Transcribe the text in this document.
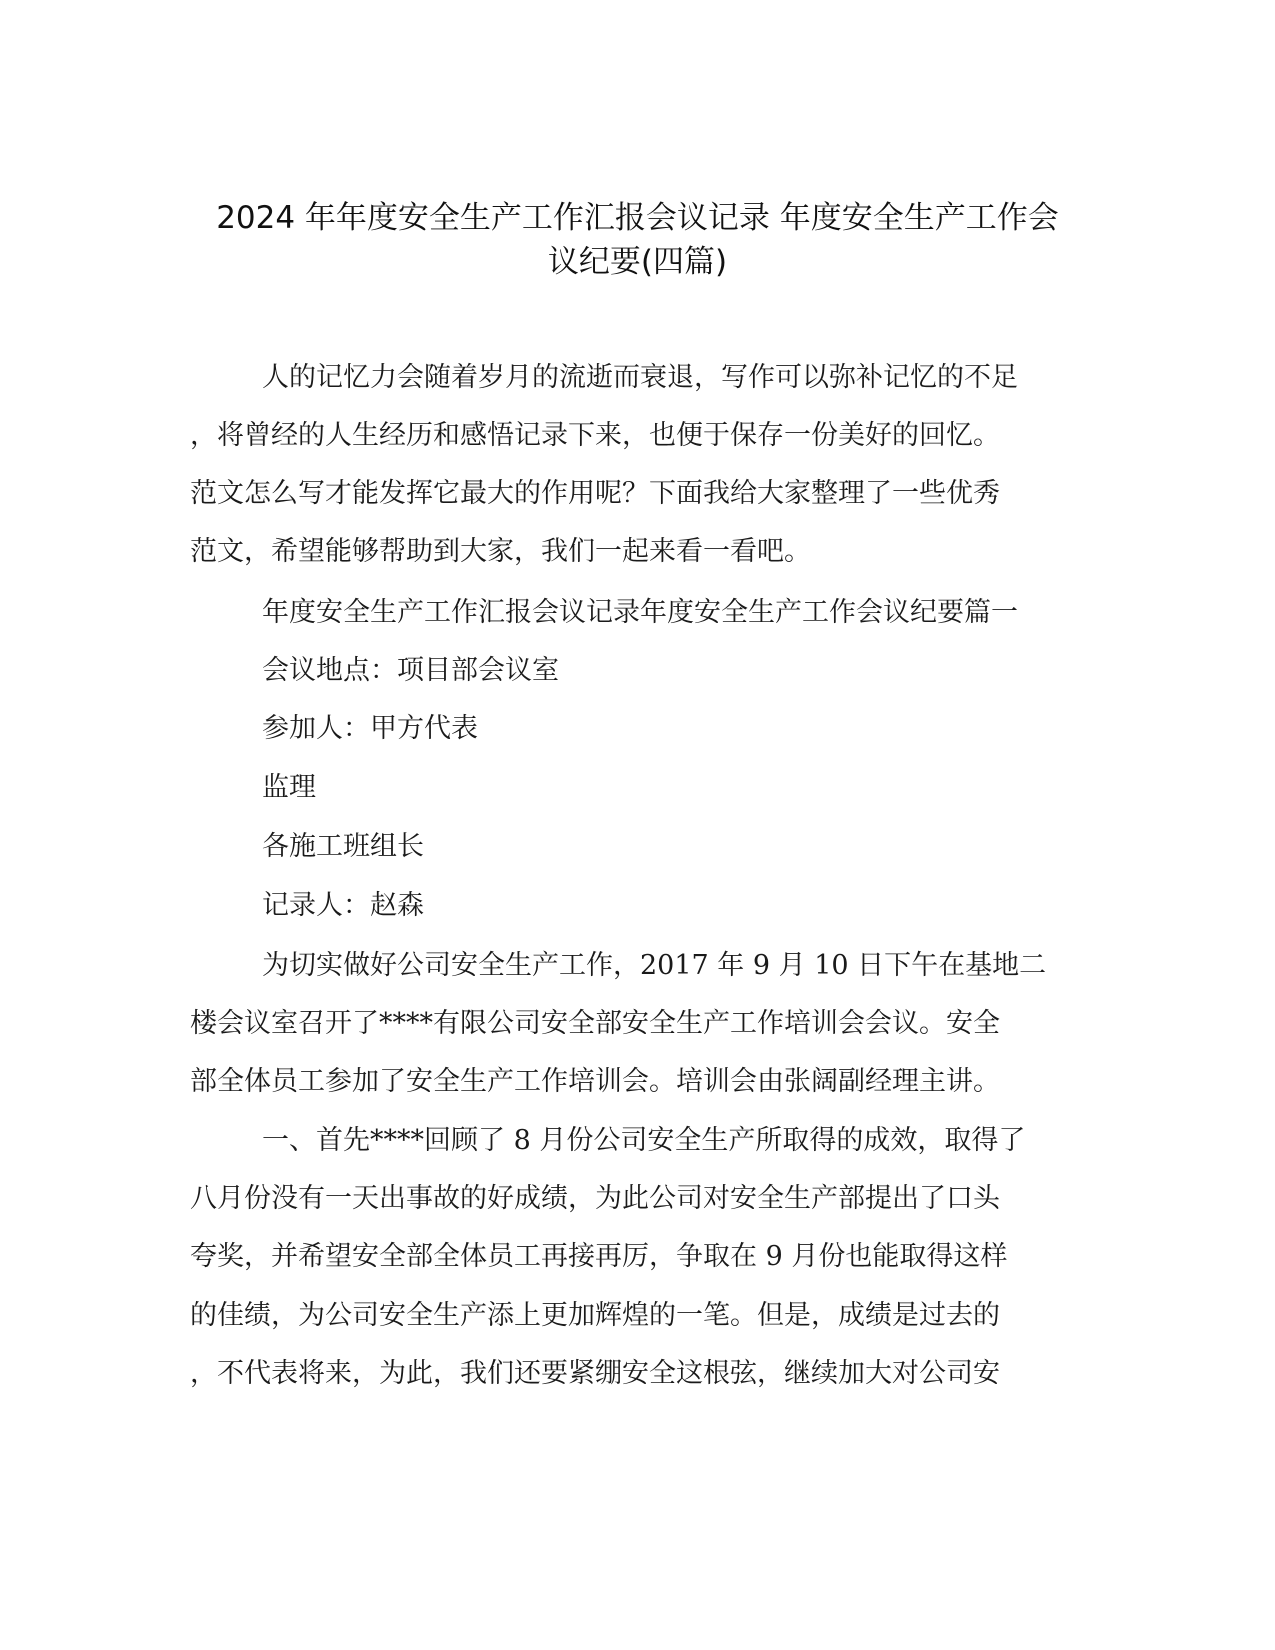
2024 年年度安全生产工作汇报会议记录 年度安全生产工作会
议纪要(四篇)
人的记忆力会随着岁月的流逝而衰退，写作可以弥补记忆的不足
，将曾经的人生经历和感悟记录下来，也便于保存一份美好的回忆。
范文怎么写才能发挥它最大的作用呢？下面我给大家整理了一些优秀
范文，希望能够帮助到大家，我们一起来看一看吧。
年度安全生产工作汇报会议记录年度安全生产工作会议纪要篇一
会议地点：项目部会议室
参加人：甲方代表
监理
各施工班组长
记录人：赵森
为切实做好公司安全生产工作，2017 年 9 月 10 日下午在基地二
楼会议室召开了****有限公司安全部安全生产工作培训会会议。安全
部全体员工参加了安全生产工作培训会。培训会由张阔副经理主讲。
一、首先****回顾了 8 月份公司安全生产所取得的成效，取得了
八月份没有一天出事故的好成绩，为此公司对安全生产部提出了口头
夸奖，并希望安全部全体员工再接再厉，争取在 9 月份也能取得这样
的佳绩，为公司安全生产添上更加辉煌的一笔。但是，成绩是过去的
，不代表将来，为此，我们还要紧绷安全这根弦，继续加大对公司安
